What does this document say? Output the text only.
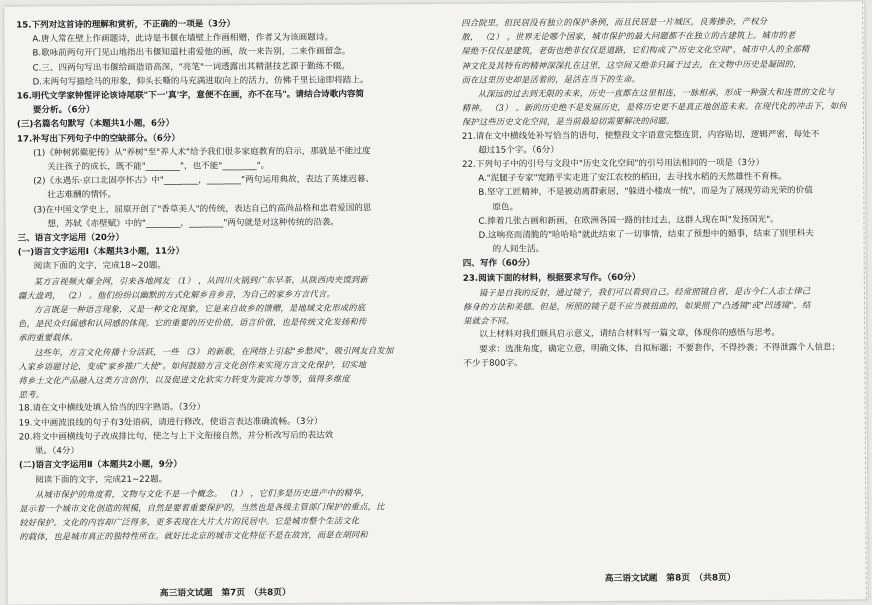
15.下列对这首诗的理解和赏析，不正确的一项是（3分）
A.唐人常在壁上作画题诗，此诗是韦偃在墙壁上作画相赠，作者又为该画题诗。
B.歌咏前两句开门见山地指出韦偃知道杜甫爱他的画，故一来告别，二来作画留念。
C.三、四两句写出韦偃给画造语高深，"亮笔"一词透露出其精湛技艺源于勤练不辍。
D.末两句写描绘马的形象，仰头长嘶的马充满进取向上的活力，仿佛千里长途即将踏上。
16.明代文学家钟惺评论该诗尾联"下一'真'字，意便不在画，亦不在马"。请结合诗歌内容简
要分析。（6分）
(三)名篇名句默写（本题共1小题，6分）
17.补写出下列句子中的空缺部分。（6分）
(1)《种树郭橐驼传》从"养树"至"养人术"给予我们很多家庭教育的启示，那就是不能过度
关注孩子的成长，既不能"________"，也不能"________"。
(2)《永遇乐·京口北固亭怀古》中"________，________"两句运用典故，表达了英雄迟暮、
壮志难酬的情怀。
(3)在中国文学史上，屈原开创了"香草美人"的传统，表达自己的高尚品格和忠君爱国的思
想，苏轼《赤壁赋》中的"________，________"两句就是对这种传统的沿袭。
三、语言文字运用（20分）
(一)语言文字运用Ⅰ（本题共3小题，11分）
阅读下面的文字，完成18~20题。
某方言视频火爆全网，引来各地网友 （1） ，从四川火锅到广东早茶，从陕西肉夹馍到新
疆大盘鸡， （2） 。他们纷纷以幽默的方式化解乡音乡音，为自己的家乡方言代言。
方言既是一种语言现象，又是一种文化现象，它是来自故乡的馈赠，是地域文化形成的底
色，是民众归属感和认同感的体现。它的重要的历史价值，语言价值，也是传统文化发扬和传
承的重要载体。
这些年，方言文化传播十分活跃，一些 （3） 的新歌，在网络上引起"乡愁风"，吸引网友自发加
入家乡语题讨论，变成"家乡推广大使"。如何鼓励方言文化创作来实现方言文化保护，切实地
将乡土文化产品融入这类方言创作，以及促进文化软实力转变为旋宾力等等，值得多维度
思考。
18.请在文中横线处填入恰当的四字熟语。（3分）
19.文中画波浪线的句子有3处语病，请进行修改，使语言表达准确流畅。（3分）
20.将文中画横线句子改成排比句，使之与上下文衔接自然，并分析改写后的表达效
果。（4分）
(二)语言文字运用Ⅱ（本题共2小题，9分）
阅读下面的文字，完成21~22题。
从城市保护的角度看，文物与文化不是一个概念。 （1） ，它们多是历史进产中的精华，
显示着一个城市文化创造的规模，自然是要着重要保护的，当然也是各级主管部门保护的重点，比
较好保护。文化的内容却广泛得多，更多表现在大片大片的民居中。它是城市整个生活文化
的载体，也是城市真正的独特性所在。就好比北京的城市文化特征不是在故宫，而是在胡同和
四合院里。但民居没有独立的保护条例，而且民居是一片城区，良莠掺杂，产权分
散， （2） 。世界无论哪个国家，城市保护的最大问题都不在独立的古建筑上。城市的老
屋绝不仅仅是建筑，老街也绝非仅仅是道路，它们构成了"历史文化空间"，城市中人的全部精
神文化及其特有的精神深深扎在这里，这空间又绝非只属于过去，在文物中历史是凝固的，
而在这里历史却是活着的，是活在当下的生命。
从深远的过去到无限的未来，历史一直都在这里相连，一脉相承，形成一种强大和连贯的文化与
精神。 （3） 。新的历史绝不是发展历史，是将历史更不是真正地创造未来。在现代化的冲击下，如何
保护这些历史文化空间，是当前最迫切需要解决的问题。
21.请在文中横线处补写恰当的语句，使整段文字语意完整连贯，内容贴切，逻辑严密，每处不
超过15个字。（6分）
22.下列句子中的引号与文段中"历史文化空间"的引号用法相同的一项是（3分）
A."泥腿子专家"宽踏平实走进了安江农校的稻田，去寻找水稻的天然雄性不育株。
B.坚守工匠精神，不是被动离群索居，"躲进小楼成一统"，而是为了展现劳动光荣的价值
原色。
C.捧着几张古画和新画，在欧洲各国一路的挂过去，这群人现在叫"发扬国光"。
D.这响亮而清脆的"哈哈哈"就此结束了一切事情，结束了预想中的婚事，结束了别里科夫
的人间生活。
四、写作（60分）
23.阅读下面的材料，根据要求写作。（60分）
镜子是自我的反射，通过镜子，我们可以看到自己。经常照镜自省，是古今仁人志士律己
修身的方法和美德。但是，所照的镜子是不应当被扭曲的，如果照了"凸透镜"或"凹透镜"，结
果就会不同。
以上材料对我们颇具启示意义，请结合材料写一篇文章，体现你的感悟与思考。
要求：选准角度，确定立意，明确文体，自拟标题；不要套作，不得抄袭；不得泄露个人信息；
不少于800字。
高三语文试题　第7页　（共8页）
高三语文试题　第8页　（共8页）
